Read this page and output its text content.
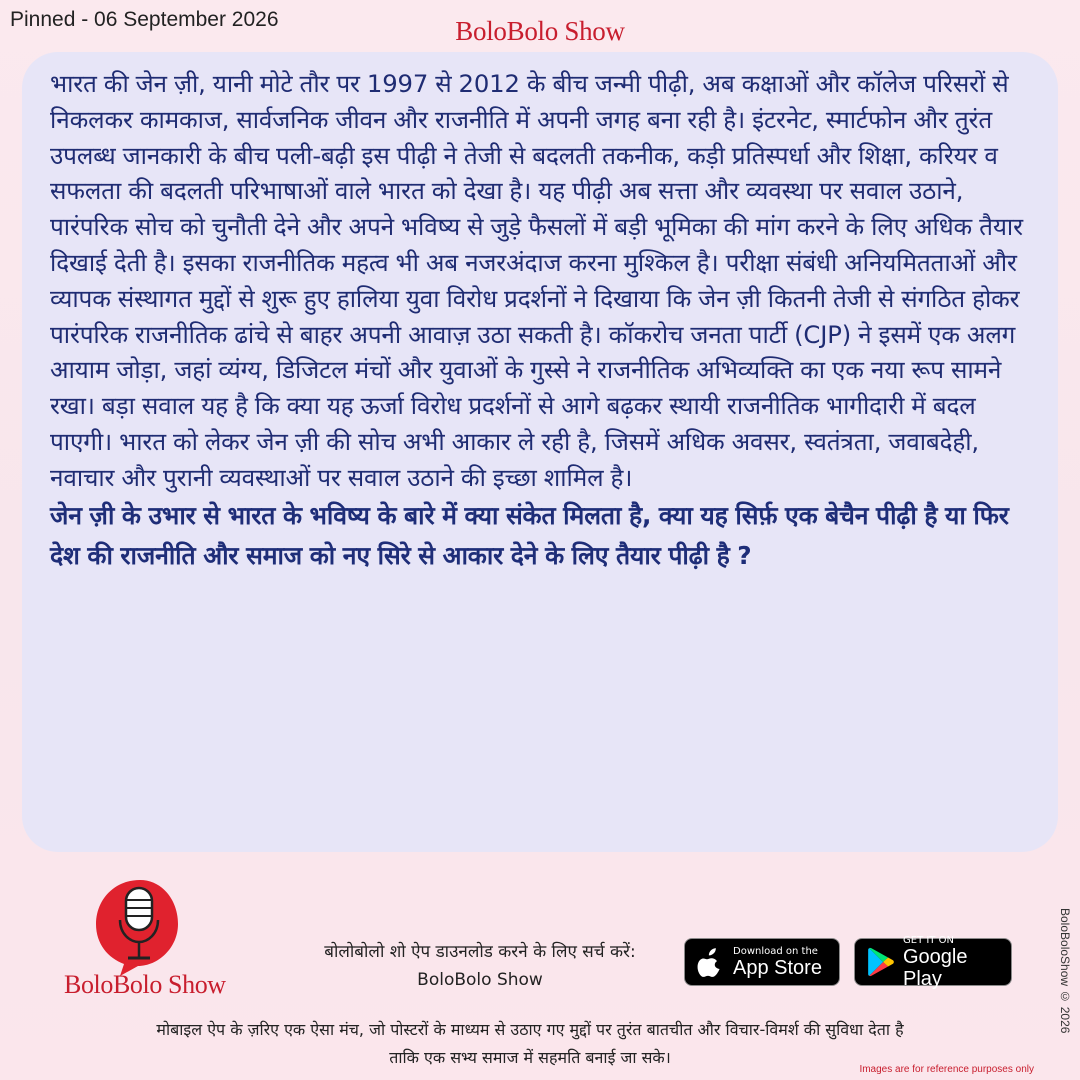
Pinned - 06 September 2026	BoloBolo Show

भारत की जेन ज़ी, यानी मोटे तौर पर 1997 से 2012 के बीच जन्मी पीढ़ी, अब कक्षाओं और कॉलेज परिसरों से निकलकर कामकाज, सार्वजनिक जीवन और राजनीति में अपनी जगह बना रही है। इंटरनेट, स्मार्टफोन और तुरंत उपलब्ध जानकारी के बीच पली-बढ़ी इस पीढ़ी ने तेजी से बदलती तकनीक, कड़ी प्रतिस्पर्धा और शिक्षा, करियर व सफलता की बदलती परिभाषाओं वाले भारत को देखा है। यह पीढ़ी अब सत्ता और व्यवस्था पर सवाल उठाने, पारंपरिक सोच को चुनौती देने और अपने भविष्य से जुड़े फैसलों में बड़ी भूमिका की मांग करने के लिए अधिक तैयार दिखाई देती है। इसका राजनीतिक महत्व भी अब नजरअंदाज करना मुश्किल है। परीक्षा संबंधी अनियमितताओं और व्यापक संस्थागत मुद्दों से शुरू हुए हालिया युवा विरोध प्रदर्शनों ने दिखाया कि जेन ज़ी कितनी तेजी से संगठित होकर पारंपरिक राजनीतिक ढांचे से बाहर अपनी आवाज़ उठा सकती है। कॉकरोच जनता पार्टी (CJP) ने इसमें एक अलग आयाम जोड़ा, जहां व्यंग्य, डिजिटल मंचों और युवाओं के गुस्से ने राजनीतिक अभिव्यक्ति का एक नया रूप सामने रखा। बड़ा सवाल यह है कि क्या यह ऊर्जा विरोध प्रदर्शनों से आगे बढ़कर स्थायी राजनीतिक भागीदारी में बदल पाएगी। भारत को लेकर जेन ज़ी की सोच अभी आकार ले रही है, जिसमें अधिक अवसर, स्वतंत्रता, जवाबदेही, नवाचार और पुरानी व्यवस्थाओं पर सवाल उठाने की इच्छा शामिल है।

जेन ज़ी के उभार से भारत के भविष्य के बारे में क्या संकेत मिलता है, क्या यह सिर्फ़ एक बेचैन पीढ़ी है या फिर देश की राजनीति और समाज को नए सिरे से आकार देने के लिए तैयार पीढ़ी है ?

BoloBolo Show
बोलोबोलो शो ऐप डाउनलोड करने के लिए सर्च करें:
BoloBolo Show
Download on the
App Store
GET IT ON
Google Play
मोबाइल ऐप के ज़रिए एक ऐसा मंच, जो पोस्टरों के माध्यम से उठाए गए मुद्दों पर तुरंत बातचीत और विचार-विमर्श की सुविधा देता है
ताकि एक सभ्य समाज में सहमति बनाई जा सके।
BoloBoloShow © 2026
Images are for reference purposes only
